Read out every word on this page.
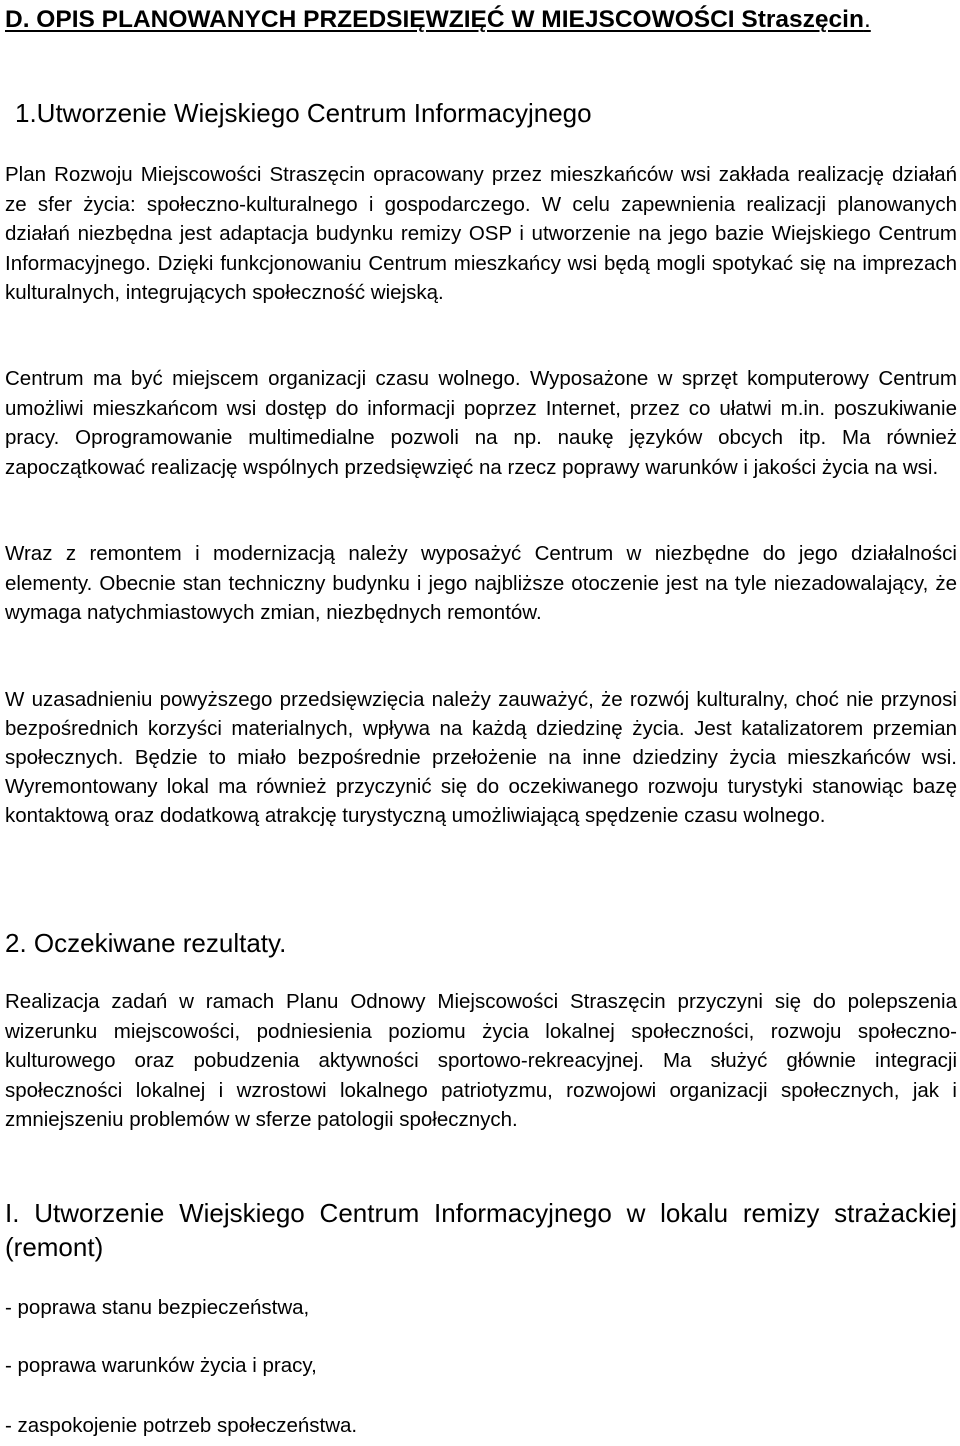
D. OPIS PLANOWANYCH PRZEDSIĘWZIĘĆ W MIEJSCOWOŚCI Straszęcin.
1.Utworzenie Wiejskiego Centrum Informacyjnego

Plan Rozwoju Miejscowości Straszęcin opracowany przez mieszkańców wsi zakłada realizację działań ze sfer życia: społeczno-kulturalnego i gospodarczego. W celu zapewnienia realizacji planowanych działań niezbędna jest adaptacja budynku remizy OSP i utworzenie na jego bazie Wiejskiego Centrum Informacyjnego. Dzięki funkcjonowaniu Centrum mieszkańcy wsi będą mogli spotykać się na imprezach kulturalnych, integrujących społeczność wiejską.

Centrum ma być miejscem organizacji czasu wolnego. Wyposażone w sprzęt komputerowy Centrum umożliwi mieszkańcom wsi dostęp do informacji poprzez Internet, przez co ułatwi m.in. poszukiwanie pracy. Oprogramowanie multimedialne pozwoli na np. naukę języków obcych itp. Ma również zapoczątkować realizację wspólnych przedsięwzięć na rzecz poprawy warunków i jakości życia na wsi.

Wraz z remontem i modernizacją należy wyposażyć Centrum w niezbędne do jego działalności elementy. Obecnie stan techniczny budynku i jego najbliższe otoczenie jest na tyle niezadowalający, że wymaga natychmiastowych zmian, niezbędnych remontów.

W uzasadnieniu powyższego przedsięwzięcia należy zauważyć, że rozwój kulturalny, choć nie przynosi bezpośrednich korzyści materialnych, wpływa na każdą dziedzinę życia. Jest katalizatorem przemian społecznych. Będzie to miało bezpośrednie przełożenie na inne dziedziny życia mieszkańców wsi. Wyremontowany lokal ma również przyczynić się do oczekiwanego rozwoju turystyki stanowiąc bazę kontaktową oraz dodatkową atrakcję turystyczną umożliwiającą spędzenie czasu wolnego.

2. Oczekiwane rezultaty.

Realizacja zadań w ramach Planu Odnowy Miejscowości Straszęcin przyczyni się do polepszenia wizerunku miejscowości, podniesienia poziomu życia lokalnej społeczności, rozwoju społeczno-kulturowego oraz pobudzenia aktywności sportowo-rekreacyjnej. Ma służyć głównie integracji społeczności lokalnej i wzrostowi lokalnego patriotyzmu, rozwojowi organizacji społecznych, jak i zmniejszeniu problemów w sferze patologii społecznych.

I. Utworzenie Wiejskiego Centrum Informacyjnego w lokalu remizy strażackiej (remont)

- poprawa stanu bezpieczeństwa,

- poprawa warunków życia i pracy,

- zaspokojenie potrzeb społeczeństwa.
